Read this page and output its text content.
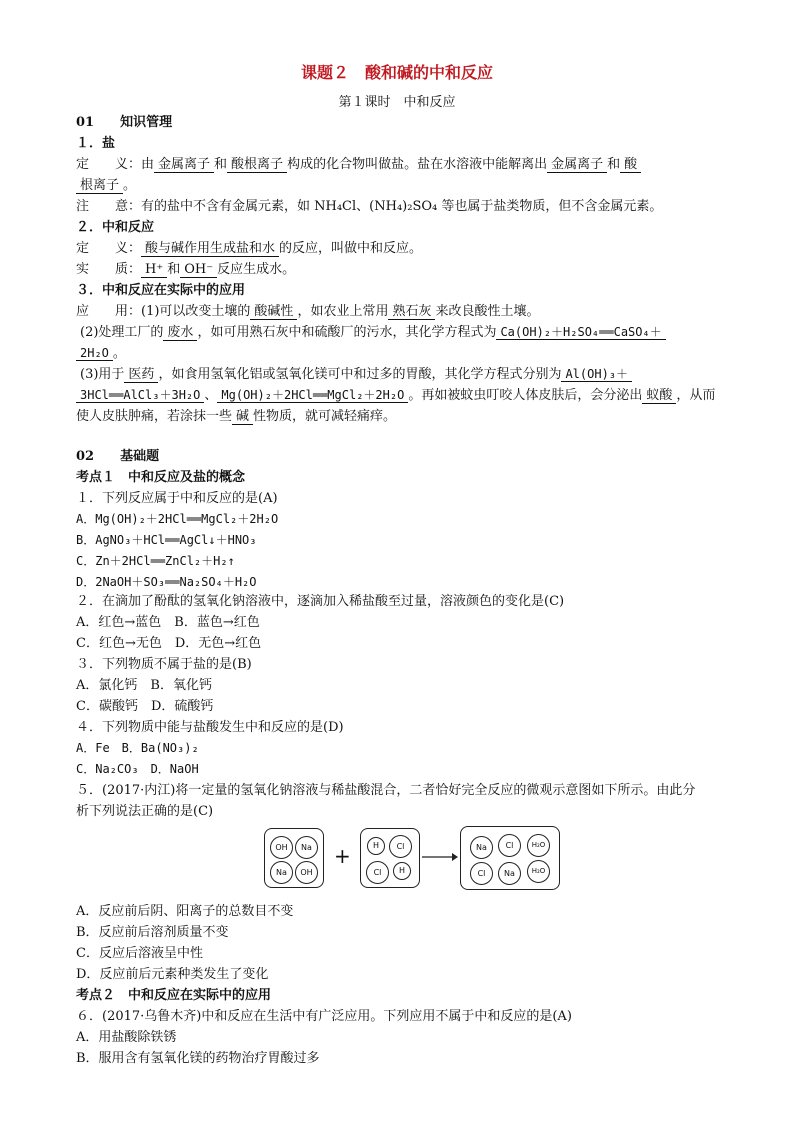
课题２　酸和碱的中和反应
第１课时　中和反应
01　　知识管理
１．盐
定　　义：由 金属离子 和 酸根离子 构成的化合物叫做盐。盐在水溶液中能解离出 金属离子 和 酸
根离子 。
注　　意：有的盐中不含有金属元素，如 NH₄Cl、(NH₄)₂SO₄ 等也属于盐类物质，但不含金属元素。
２．中和反应
定　　义： 酸与碱作用生成盐和水 的反应，叫做中和反应。
实　　质： H⁺ 和 OH⁻ 反应生成水。
３．中和反应在实际中的应用
应　　用：(1)可以改变土壤的 酸碱性 ，如农业上常用 熟石灰 来改良酸性土壤。
(2)处理工厂的 废水 ，如可用熟石灰中和硫酸厂的污水，其化学方程式为 Ca(OH)₂＋H₂SO₄══CaSO₄＋
2H₂O 。
(3)用于 医药 ，如食用氢氧化铝或氢氧化镁可中和过多的胃酸，其化学方程式分别为 Al(OH)₃＋
3HCl══AlCl₃＋3H₂O 、 Mg(OH)₂＋2HCl══MgCl₂＋2H₂O 。再如被蚊虫叮咬人体皮肤后，会分泌出 蚁酸 ，从而
使人皮肤肿痛，若涂抹一些 碱 性物质，就可减轻痛痒。
02　　基础题
考点１　中和反应及盐的概念
１．下列反应属于中和反应的是(A)
A．Mg(OH)₂＋2HCl══MgCl₂＋2H₂O
B．AgNO₃＋HCl══AgCl↓＋HNO₃
C．Zn＋2HCl══ZnCl₂＋H₂↑
D．2NaOH＋SO₃══Na₂SO₄＋H₂O
２．在滴加了酚酞的氢氧化钠溶液中，逐滴加入稀盐酸至过量，溶液颜色的变化是(C)
A．红色→蓝色　B．蓝色→红色
C．红色→无色　D．无色→红色
３．下列物质不属于盐的是(B)
A．氯化钙　B．氧化钙
C．碳酸钙　D．硫酸钙
４．下列物质中能与盐酸发生中和反应的是(D)
A．Fe　B．Ba(NO₃)₂
C．Na₂CO₃　D．NaOH
５．(2017·内江)将一定量的氢氧化钠溶液与稀盐酸混合，二者恰好完全反应的微观示意图如下所示。由此分
析下列说法正确的是(C)
OH	Na
Na	OH
+	H	Cl
Cl	H
Na	Cl	H₂O
Cl	Na	H₂O
A．反应前后阴、阳离子的总数目不变
B．反应前后溶剂质量不变
C．反应后溶液呈中性
D．反应前后元素种类发生了变化
考点２　中和反应在实际中的应用
６．(2017·乌鲁木齐)中和反应在生活中有广泛应用。下列应用不属于中和反应的是(A)
A．用盐酸除铁锈
B．服用含有氢氧化镁的药物治疗胃酸过多
